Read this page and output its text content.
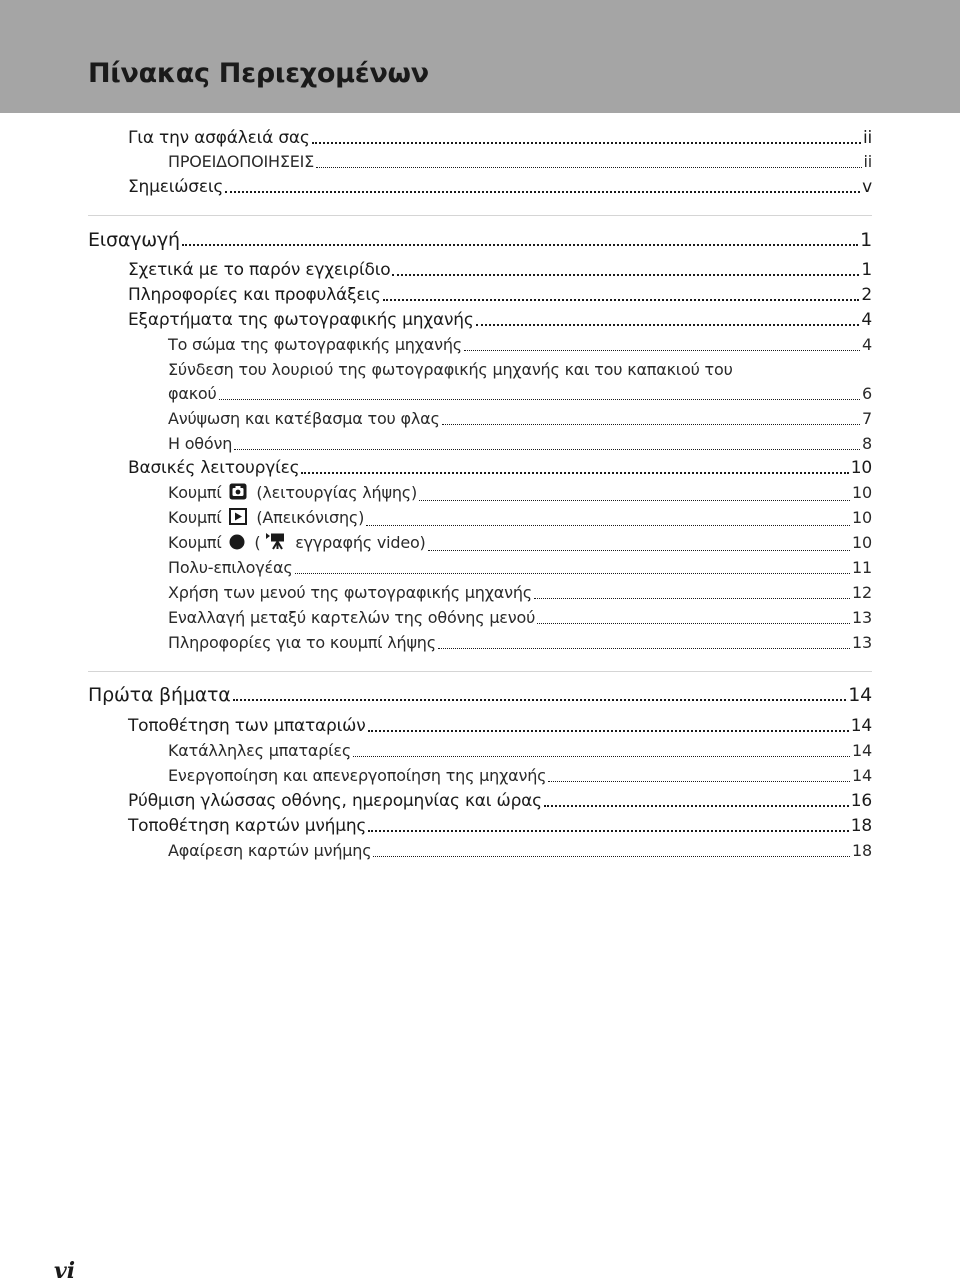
Πίνακας Περιεχομένων
Για την ασφάλειά σας	ii
ΠΡΟΕΙΔΟΠΟΙΗΣΕΙΣ	ii
Σημειώσεις	v
Εισαγωγή	1
Σχετικά με το παρόν εγχειρίδιο	1
Πληροφορίες και προφυλάξεις	2
Εξαρτήματα της φωτογραφικής μηχανής	4
Το σώμα της φωτογραφικής μηχανής	4
Σύνδεση του λουριού της φωτογραφικής μηχανής και του καπακιού του
φακού	6
Ανύψωση και κατέβασμα του φλας	7
Η οθόνη	8
Βασικές λειτουργίες	10
Κουμπί (λειτουργίας λήψης)	10
Κουμπί (Απεικόνισης)	10
Κουμπί ( εγγραφής video)	10
Πολυ-επιλογέας	11
Χρήση των μενού της φωτογραφικής μηχανής	12
Εναλλαγή μεταξύ καρτελών της οθόνης μενού	13
Πληροφορίες για το κουμπί λήψης	13
Πρώτα βήματα	14
Τοποθέτηση των μπαταριών	14
Κατάλληλες μπαταρίες	14
Ενεργοποίηση και απενεργοποίηση της μηχανής	14
Ρύθμιση γλώσσας οθόνης, ημερομηνίας και ώρας	16
Τοποθέτηση καρτών μνήμης	18
Αφαίρεση καρτών μνήμης	18
vi
